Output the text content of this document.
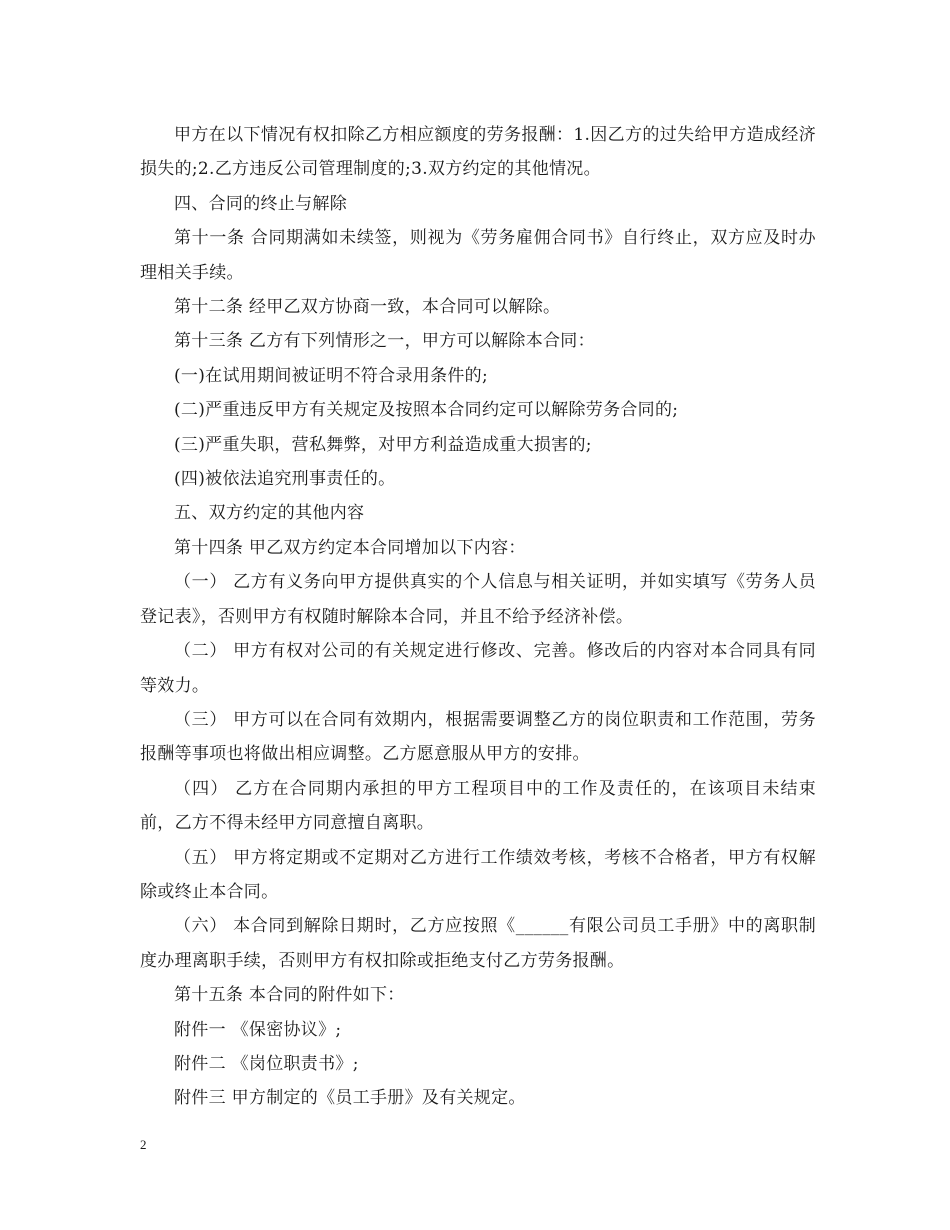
甲方在以下情况有权扣除乙方相应额度的劳务报酬：1.因乙方的过失给甲方造成经济损失的;2.乙方违反公司管理制度的;3.双方约定的其他情况。

四、合同的终止与解除

第十一条 合同期满如未续签，则视为《劳务雇佣合同书》自行终止，双方应及时办理相关手续。

第十二条 经甲乙双方协商一致，本合同可以解除。

第十三条 乙方有下列情形之一，甲方可以解除本合同：

(一)在试用期间被证明不符合录用条件的;

(二)严重违反甲方有关规定及按照本合同约定可以解除劳务合同的;

(三)严重失职，营私舞弊，对甲方利益造成重大损害的;

(四)被依法追究刑事责任的。

五、双方约定的其他内容

第十四条 甲乙双方约定本合同增加以下内容：

（一） 乙方有义务向甲方提供真实的个人信息与相关证明，并如实填写《劳务人员登记表》，否则甲方有权随时解除本合同，并且不给予经济补偿。

（二） 甲方有权对公司的有关规定进行修改、完善。修改后的内容对本合同具有同等效力。

（三） 甲方可以在合同有效期内，根据需要调整乙方的岗位职责和工作范围，劳务报酬等事项也将做出相应调整。乙方愿意服从甲方的安排。

（四） 乙方在合同期内承担的甲方工程项目中的工作及责任的，在该项目未结束前，乙方不得未经甲方同意擅自离职。

（五） 甲方将定期或不定期对乙方进行工作绩效考核，考核不合格者，甲方有权解除或终止本合同。

（六） 本合同到解除日期时，乙方应按照《______有限公司员工手册》中的离职制度办理离职手续，否则甲方有权扣除或拒绝支付乙方劳务报酬。

第十五条 本合同的附件如下：

附件一 《保密协议》;

附件二 《岗位职责书》;

附件三 甲方制定的《员工手册》及有关规定。

2
